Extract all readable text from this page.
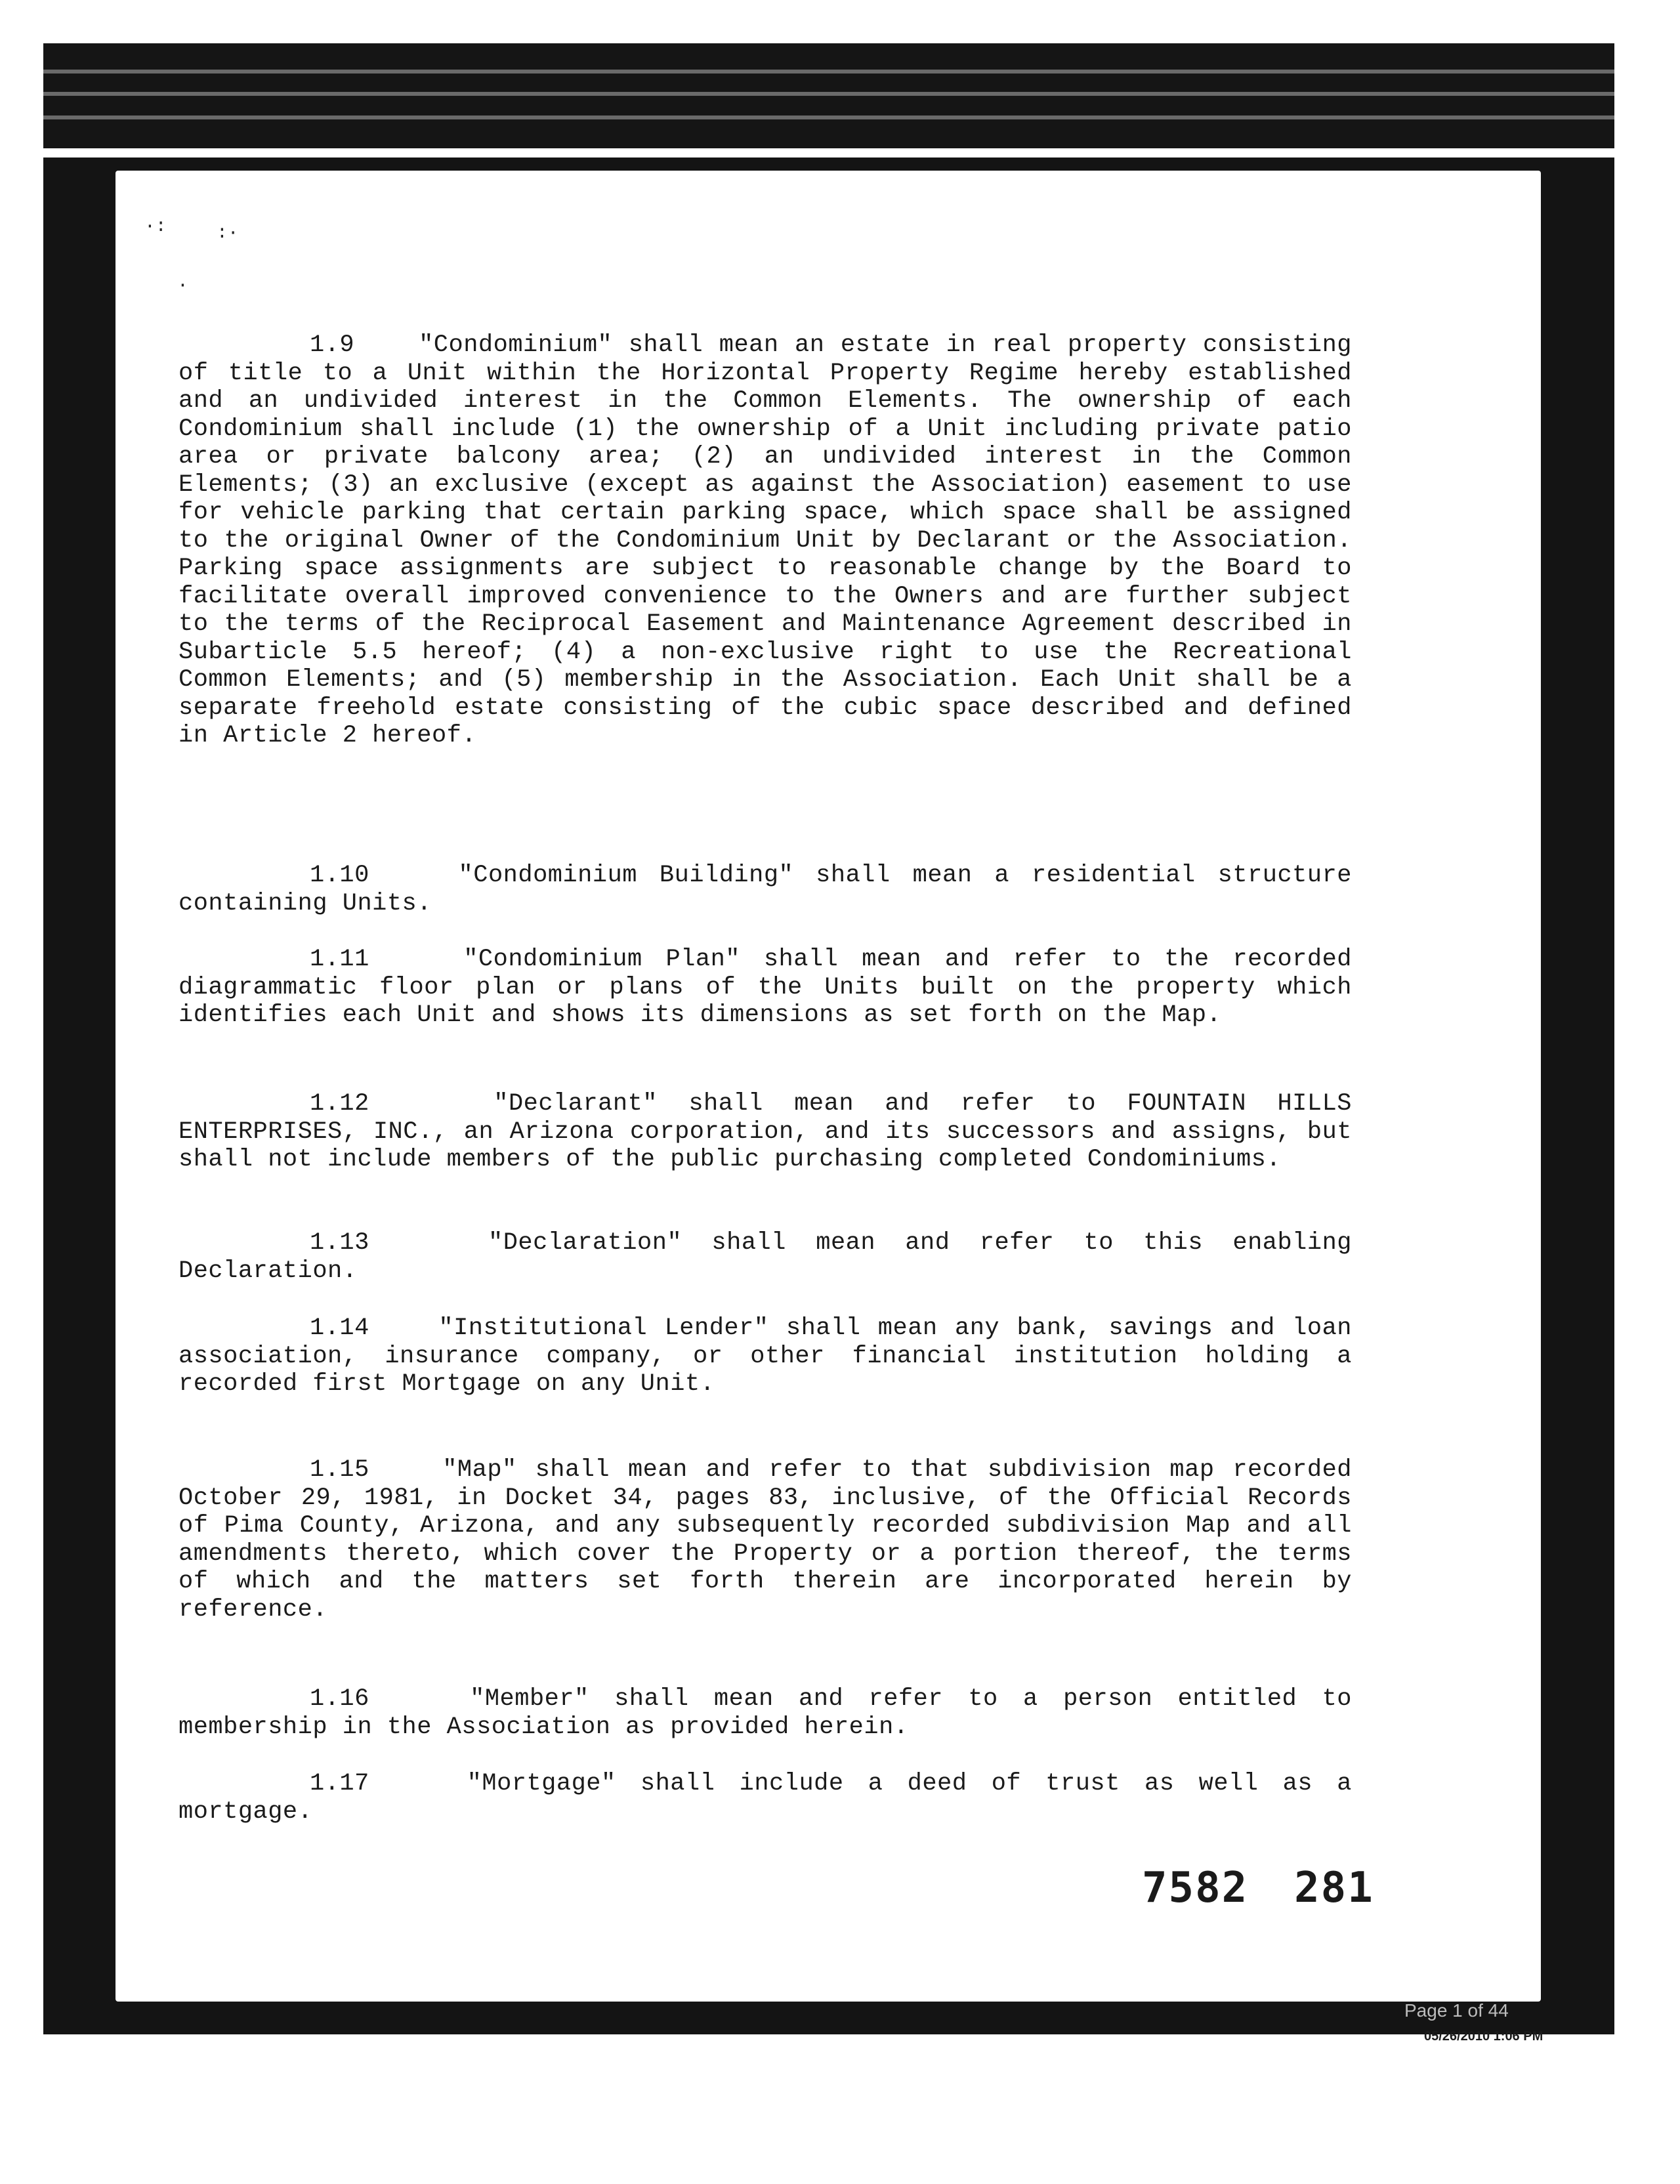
·:	:·
·
1.9	"Condominium" shall mean an estate in real property consisting of title to a Unit within the Horizontal Property Regime hereby established and an undivided interest in the Common Elements. The ownership of each Condominium shall include (1) the ownership of a Unit including private patio area or private balcony area; (2) an undivided interest in the Common Elements; (3) an exclusive (except as against the Association) easement to use for vehicle parking that certain parking space, which space shall be assigned to the original Owner of the Condominium Unit by Declarant or the Association. Parking space assignments are subject to reasonable change by the Board to facilitate overall improved convenience to the Owners and are further subject to the terms of the Reciprocal Easement and Maintenance Agreement described in Subarticle 5.5 hereof; (4) a non-exclusive right to use the Recreational Common Elements; and (5) membership in the Association. Each Unit shall be a separate freehold estate consisting of the cubic space described and defined in Article 2 hereof.
1.10	"Condominium Building" shall mean a residential structure containing Units.
1.11	"Condominium Plan" shall mean and refer to the recorded diagrammatic floor plan or plans of the Units built on the property which identifies each Unit and shows its dimensions as set forth on the Map.
1.12	"Declarant" shall mean and refer to FOUNTAIN HILLS ENTERPRISES, INC., an Arizona corporation, and its successors and assigns, but shall not include members of the public purchasing completed Condominiums.
1.13	"Declaration" shall mean and refer to this enabling Declaration.
1.14	"Institutional Lender" shall mean any bank, savings and loan association, insurance company, or other financial institution holding a recorded first Mortgage on any Unit.
1.15	"Map" shall mean and refer to that subdivision map recorded October 29, 1981, in Docket 34, pages 83, inclusive, of the Official Records of Pima County, Arizona, and any subsequently recorded subdivision Map and all amendments thereto, which cover the Property or a portion thereof, the terms of which and the matters set forth therein are incorporated herein by reference.
1.16	"Member" shall mean and refer to a person entitled to membership in the Association as provided herein.
1.17	"Mortgage" shall include a deed of trust as well as a mortgage.
7582 281
Page 1 of 44
05/26/2010 1:06 PM
